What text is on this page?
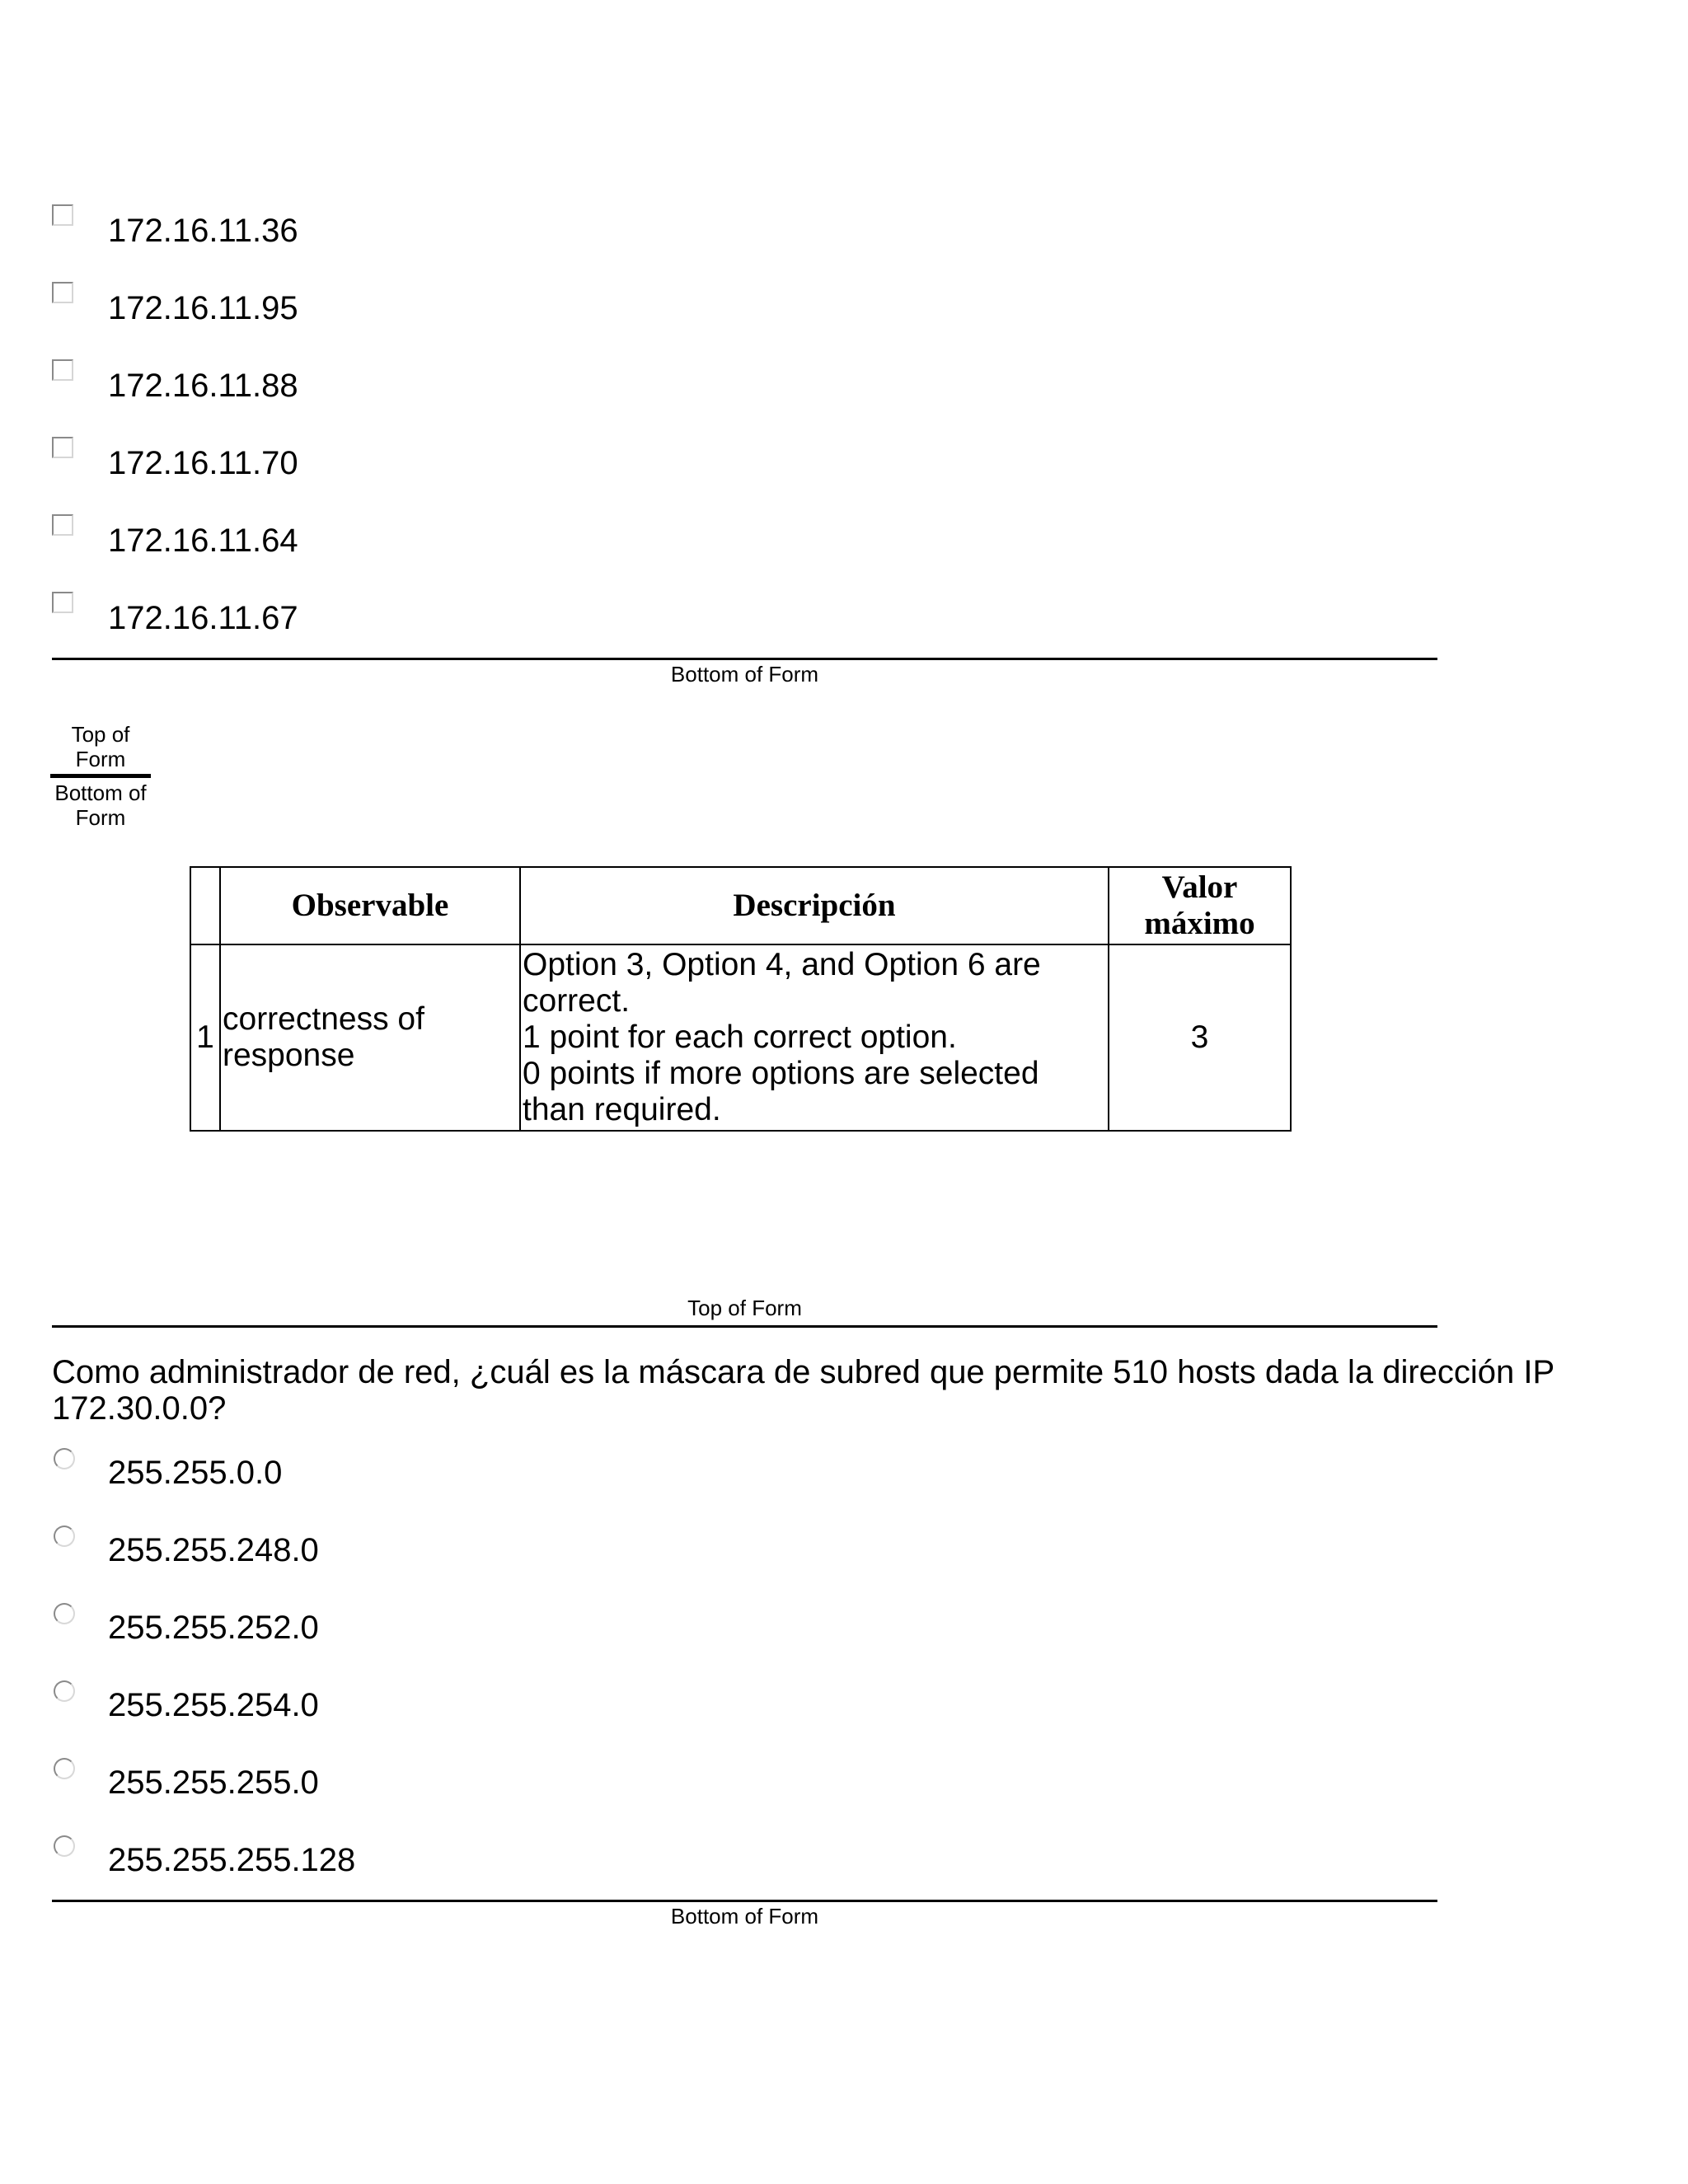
172.16.11.36
172.16.11.95
172.16.11.88
172.16.11.70
172.16.11.64
172.16.11.67
Bottom of Form
Top of Form
Bottom of Form
	Observable	Descripción	Valor máximo
1	correctness of response	Option 3, Option 4, and Option 6 are correct.
1 point for each correct option.
0 points if more options are selected than required.	3
Top of Form
Como administrador de red, ¿cuál es la máscara de subred que permite 510 hosts dada la dirección IP 172.30.0.0?
255.255.0.0
255.255.248.0
255.255.252.0
255.255.254.0
255.255.255.0
255.255.255.128
Bottom of Form
